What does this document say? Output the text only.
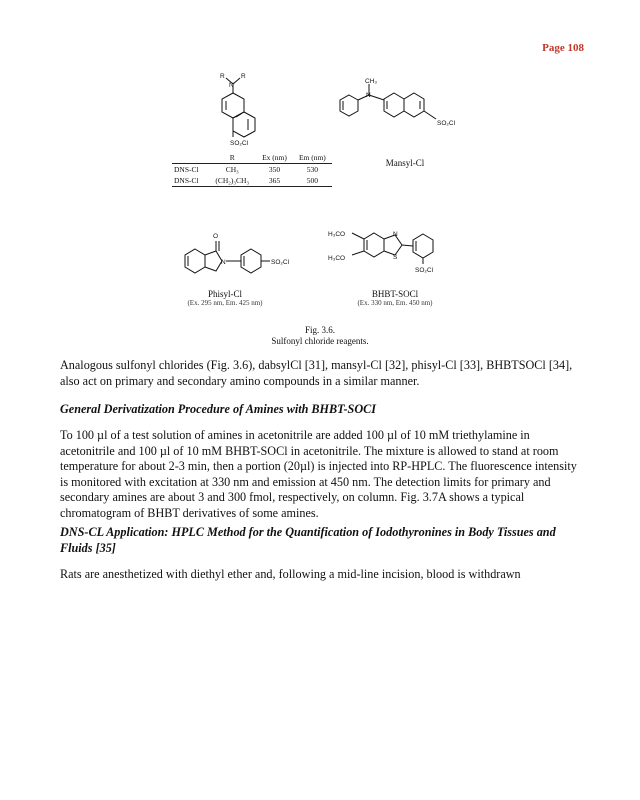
Page 108
N
R	R
SO₂Cl
CH₃
N
SO₂Cl
O
N	SO₂Cl
H₃CO
H₃CO
N
S
SO₂Cl
	R	Ex (nm)	Em (nm)
DNS-Cl	CH₃	350	530
DNS-Cl	(CH₂)₃CH₃	365	500
Mansyl-Cl
Phisyl-Cl
(Ex. 295 nm, Em. 425 nm)
BHBT-SOCl
(Ex. 330 nm, Em. 450 nm)
Fig. 3.6.
Sulfonyl chloride reagents.
Analogous sulfonyl chlorides (Fig. 3.6), dabsylCl [31], mansyl-Cl [32], phisyl-Cl [33], BHBTSOCl [34], also act on primary and secondary amino compounds in a similar manner.
General Derivatization Procedure of Amines with BHBT-SOCI
To 100 µl of a test solution of amines in acetonitrile are added 100 µl of 10 mM triethylamine in acetonitrile and 100 µl of 10 mM BHBT-SOCl in acetonitrile. The mixture is allowed to stand at room temperature for about 2-3 min, then a portion (20µl) is injected into RP-HPLC. The fluorescence intensity is monitored with excitation at 330 nm and emission at 450 nm. The detection limits for primary and secondary amines are about 3 and 300 fmol, respectively, on column. Fig. 3.7A shows a typical chromatogram of BHBT derivatives of some amines.
DNS-CL Application: HPLC Method for the Quantification of Iodothyronines in Body Tissues and Fluids [35]
Rats are anesthetized with diethyl ether and, following a mid-line incision, blood is withdrawn
